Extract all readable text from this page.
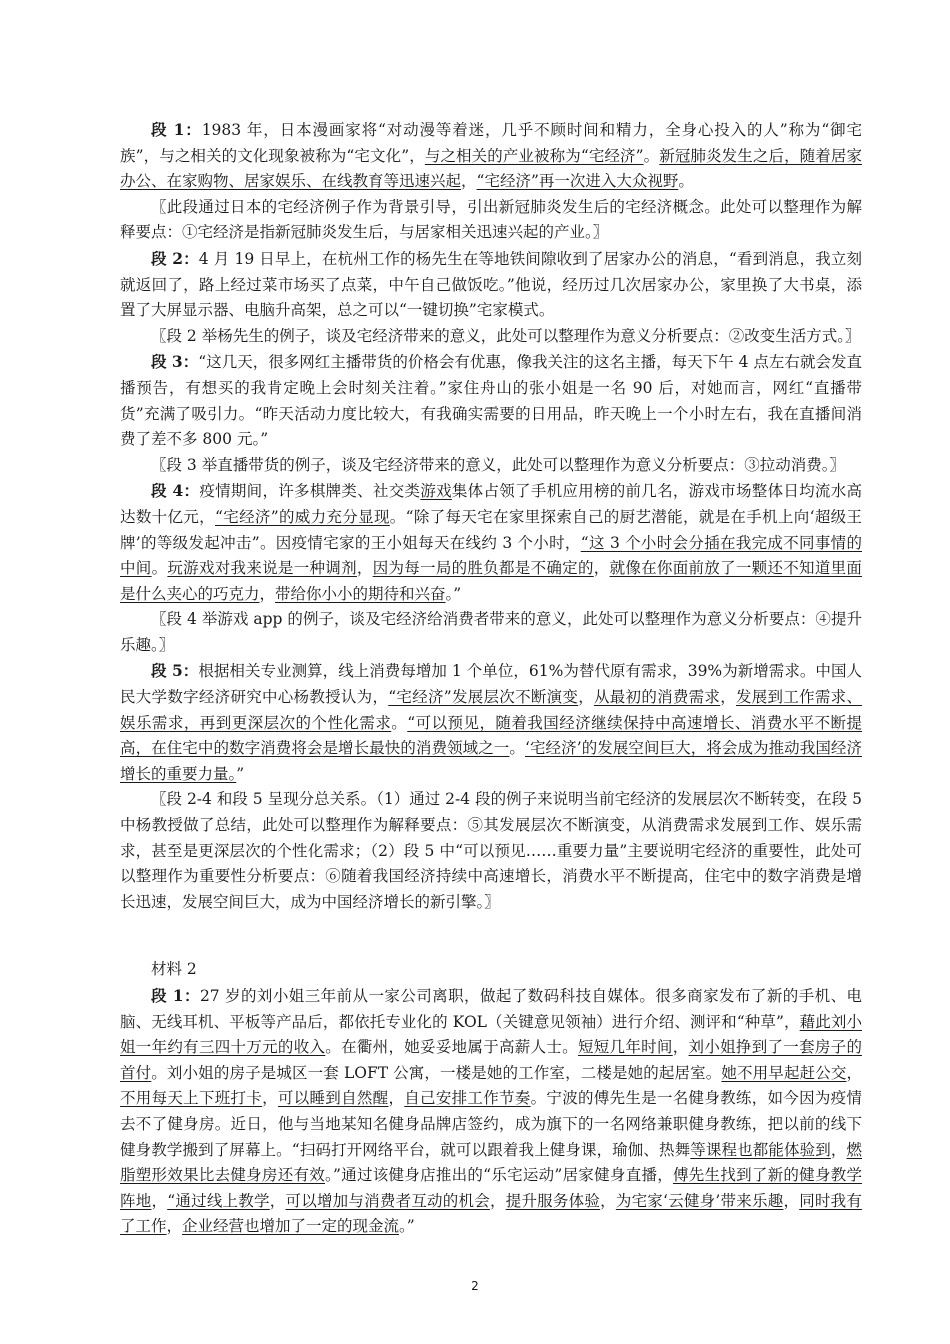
段 1：1983 年，日本漫画家将“对动漫等着迷，几乎不顾时间和精力，全身心投入的人”称为“御宅族”，与之相关的文化现象被称为“宅文化”，与之相关的产业被称为“宅经济”。新冠肺炎发生之后，随着居家办公、在家购物、居家娱乐、在线教育等迅速兴起，“宅经济”再一次进入大众视野。

〖此段通过日本的宅经济例子作为背景引导，引出新冠肺炎发生后的宅经济概念。此处可以整理作为解释要点：①宅经济是指新冠肺炎发生后，与居家相关迅速兴起的产业。〗

段 2：4 月 19 日早上，在杭州工作的杨先生在等地铁间隙收到了居家办公的消息，“看到消息，我立刻就返回了，路上经过菜市场买了点菜，中午自己做饭吃。”他说，经历过几次居家办公，家里换了大书桌，添置了大屏显示器、电脑升高架，总之可以“一键切换”宅家模式。

〖段 2 举杨先生的例子，谈及宅经济带来的意义，此处可以整理作为意义分析要点：②改变生活方式。〗

段 3：“这几天，很多网红主播带货的价格会有优惠，像我关注的这名主播，每天下午 4 点左右就会发直播预告，有想买的我肯定晚上会时刻关注着。”家住舟山的张小姐是一名 90 后，对她而言，网红“直播带货”充满了吸引力。“昨天活动力度比较大，有我确实需要的日用品，昨天晚上一个小时左右，我在直播间消费了差不多 800 元。”

〖段 3 举直播带货的例子，谈及宅经济带来的意义，此处可以整理作为意义分析要点：③拉动消费。〗

段 4：疫情期间，许多棋牌类、社交类游戏集体占领了手机应用榜的前几名，游戏市场整体日均流水高达数十亿元，“宅经济”的威力充分显现。“除了每天宅在家里探索自己的厨艺潜能，就是在手机上向‘超级王牌’的等级发起冲击”。因疫情宅家的王小姐每天在线约 3 个小时，“这 3 个小时会分插在我完成不同事情的中间。玩游戏对我来说是一种调剂，因为每一局的胜负都是不确定的，就像在你面前放了一颗还不知道里面是什么夹心的巧克力，带给你小小的期待和兴奋。”

〖段 4 举游戏 app 的例子，谈及宅经济给消费者带来的意义，此处可以整理作为意义分析要点：④提升乐趣。〗

段 5：根据相关专业测算，线上消费每增加 1 个单位，61%为替代原有需求，39%为新增需求。中国人民大学数字经济研究中心杨教授认为，“宅经济”发展层次不断演变，从最初的消费需求，发展到工作需求、娱乐需求，再到更深层次的个性化需求。“可以预见，随着我国经济继续保持中高速增长、消费水平不断提高，在住宅中的数字消费将会是增长最快的消费领域之一。‘宅经济’的发展空间巨大，将会成为推动我国经济增长的重要力量。”

〖段 2-4 和段 5 呈现分总关系。（1）通过 2-4 段的例子来说明当前宅经济的发展层次不断转变，在段 5 中杨教授做了总结，此处可以整理作为解释要点：⑤其发展层次不断演变，从消费需求发展到工作、娱乐需求，甚至是更深层次的个性化需求；（2）段 5 中“可以预见……重要力量”主要说明宅经济的重要性，此处可以整理作为重要性分析要点：⑥随着我国经济持续中高速增长，消费水平不断提高，住宅中的数字消费是增长迅速，发展空间巨大，成为中国经济增长的新引擎。〗

材料 2

段 1：27 岁的刘小姐三年前从一家公司离职，做起了数码科技自媒体。很多商家发布了新的手机、电脑、无线耳机、平板等产品后，都依托专业化的 KOL（关键意见领袖）进行介绍、测评和“种草”，藉此刘小姐一年约有三四十万元的收入。在衢州，她妥妥地属于高薪人士。短短几年时间，刘小姐挣到了一套房子的首付。刘小姐的房子是城区一套 LOFT 公寓，一楼是她的工作室，二楼是她的起居室。她不用早起赶公交，不用每天上下班打卡，可以睡到自然醒，自己安排工作节奏。宁波的傅先生是一名健身教练，如今因为疫情去不了健身房。近日，他与当地某知名健身品牌店签约，成为旗下的一名网络兼职健身教练，把以前的线下健身教学搬到了屏幕上。“扫码打开网络平台，就可以跟着我上健身课，瑜伽、热舞等课程也都能体验到，燃脂塑形效果比去健身房还有效。”通过该健身店推出的“乐宅运动”居家健身直播，傅先生找到了新的健身教学阵地，“通过线上教学，可以增加与消费者互动的机会，提升服务体验，为宅家‘云健身’带来乐趣，同时我有了工作，企业经营也增加了一定的现金流。”

2
